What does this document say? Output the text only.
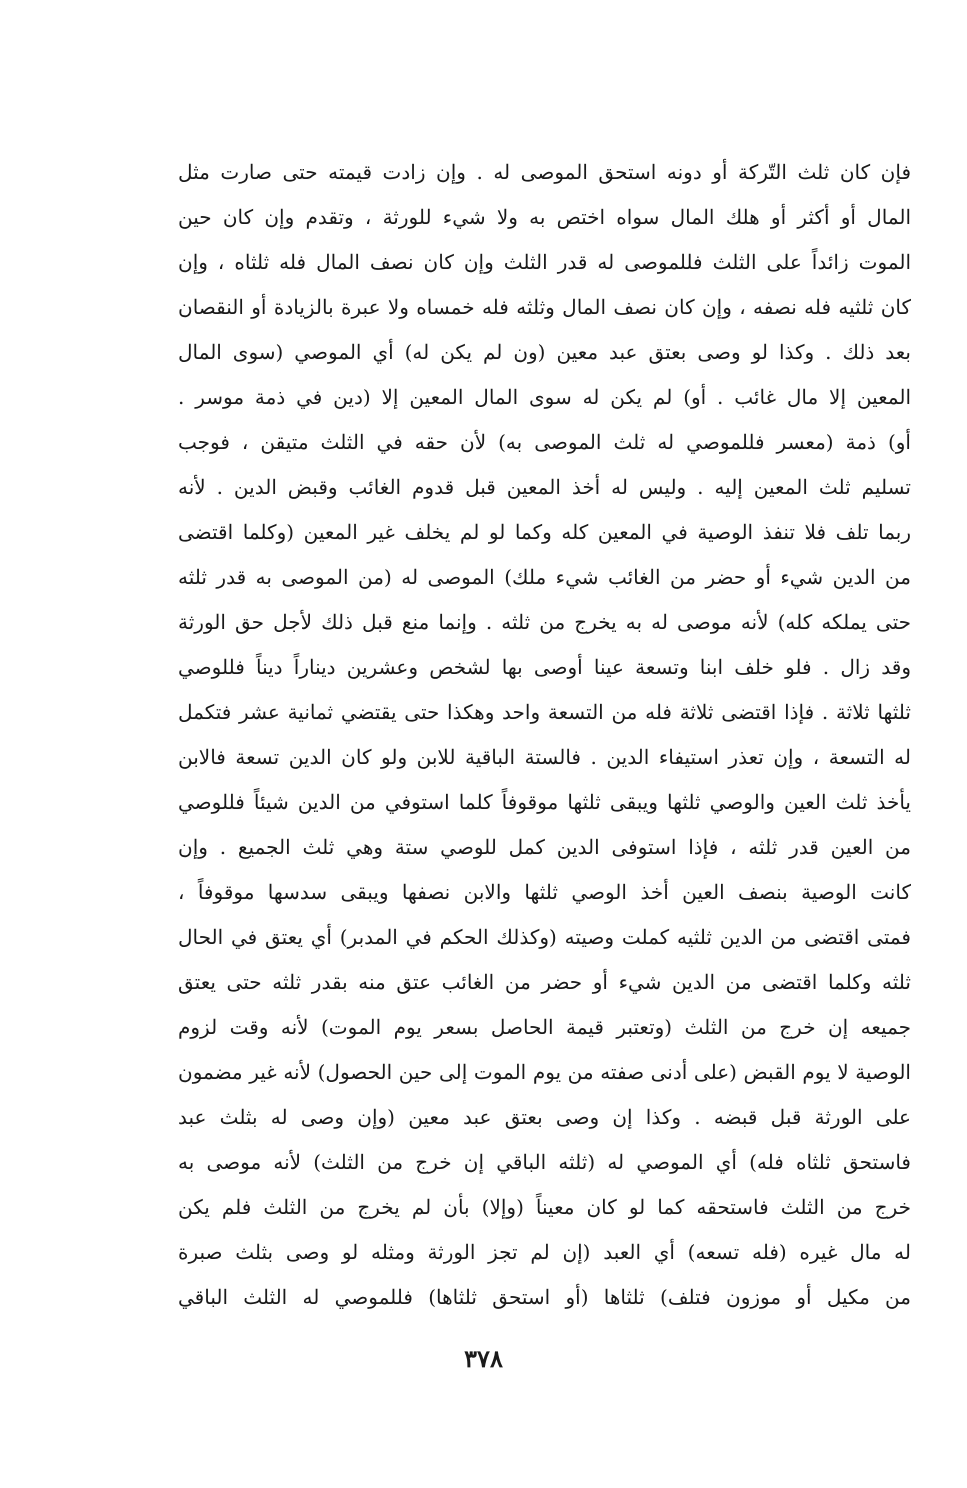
فإن كان ثلث التّركة أو دونه استحق الموصى له . وإن زادت قيمته حتى صارت مثل
المال أو أكثر أو هلك المال سواه اختص به ولا شيء للورثة ، وتقدم وإن كان حين
الموت زائداً على الثلث فللموصى له قدر الثلث وإن كان نصف المال فله ثلثاه ، وإن
كان ثلثيه فله نصفه ، وإن كان نصف المال وثلثه فله خمساه ولا عبرة بالزيادة أو النقصان
بعد ذلك . وكذا لو وصى بعتق عبد معين (ون لم يكن له) أي الموصي (سوى المال
المعين إلا مال غائب . أو) لم يكن له سوى المال المعين إلا (دين في ذمة موسر .
أو) ذمة (معسر فللموصي له ثلث الموصى به) لأن حقه في الثلث متيقن ، فوجب
تسليم ثلث المعين إليه . وليس له أخذ المعين قبل قدوم الغائب وقبض الدين . لأنه
ربما تلف فلا تنفذ الوصية في المعين كله وكما لو لم يخلف غير المعين (وكلما اقتضى
من الدين شيء أو حضر من الغائب شيء ملك) الموصى له (من الموصى به قدر ثلثه
حتى يملكه كله) لأنه موصى له به يخرج من ثلثه . وإنما منع قبل ذلك لأجل حق الورثة
وقد زال . فلو خلف ابنا وتسعة عينا أوصى بها لشخص وعشرين ديناراً ديناً فللوصي
ثلثها ثلاثة . فإذا اقتضى ثلاثة فله من التسعة واحد وهكذا حتى يقتضي ثمانية عشر فتكمل
له التسعة ، وإن تعذر استيفاء الدين . فالستة الباقية للابن ولو كان الدين تسعة فالابن
يأخذ ثلث العين والوصي ثلثها ويبقى ثلثها موقوفاً كلما استوفي من الدين شيئاً فللوصي
من العين قدر ثلثه ، فإذا استوفى الدين كمل للوصي ستة وهي ثلث الجميع . وإن
كانت الوصية بنصف العين أخذ الوصي ثلثها والابن نصفها ويبقى سدسها موقوفاً ،
فمتى اقتضى من الدين ثلثيه كملت وصيته (وكذلك الحكم في المدبر) أي يعتق في الحال
ثلثه وكلما اقتضى من الدين شيء أو حضر من الغائب عتق منه بقدر ثلثه حتى يعتق
جميعه إن خرج من الثلث (وتعتبر قيمة الحاصل بسعر يوم الموت) لأنه وقت لزوم
الوصية لا يوم القبض (على أدنى صفته من يوم الموت إلى حين الحصول) لأنه غير مضمون
على الورثة قبل قبضه . وكذا إن وصى بعتق عبد معين (وإن وصى له بثلث عبد
فاستحق ثلثاه فله) أي الموصي له (ثلثه الباقي إن خرج من الثلث) لأنه موصى به
خرج من الثلث فاستحقه كما لو كان معيناً (وإلا) بأن لم يخرج من الثلث فلم يكن
له مال غيره (فله تسعه) أي العبد (إن لم تجز الورثة ومثله لو وصى بثلث صبرة
من مكيل أو موزون فتلف) ثلثاها (أو استحق ثلثاها) فللموصي له الثلث الباقي
٣٧٨
